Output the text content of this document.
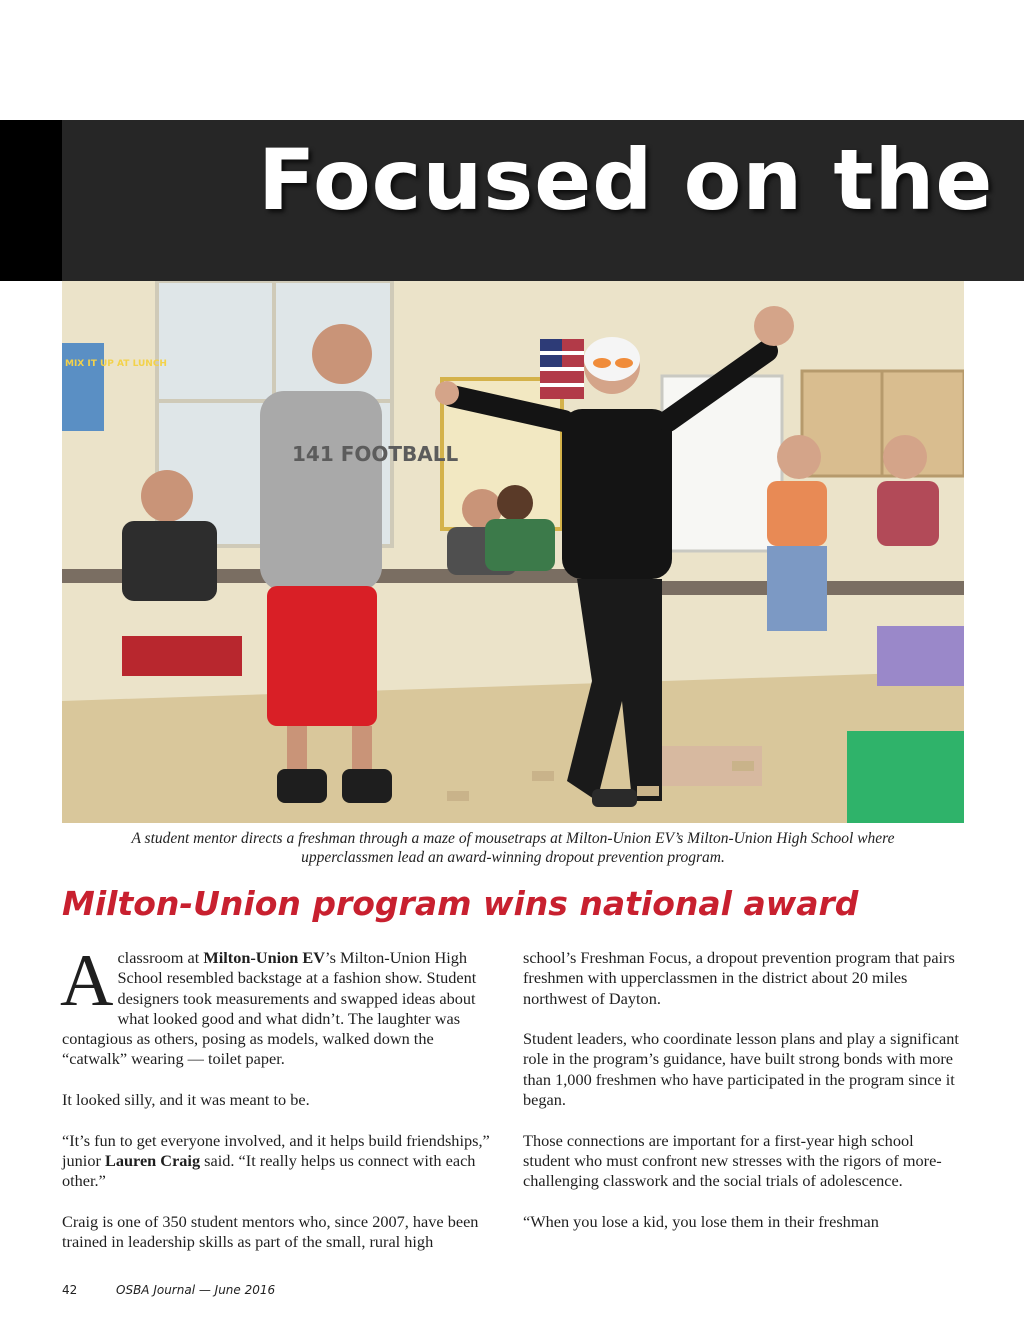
Focused on the
MIX IT UP AT LUNCH
141 FOOTBALL

A student mentor directs a freshman through a maze of mousetraps at Milton-Union EV’s Milton-Union High School where

upperclassmen lead an award-winning dropout prevention program.

Milton-Union program wins national award

A classroom at Milton-Union EV’s Milton-Union High School resembled backstage at a fashion show. Student designers took measurements and swapped ideas about what looked good and what didn’t. The laughter was contagious as others, posing as models, walked down the “catwalk” wearing — toilet paper.

It looked silly, and it was meant to be.

“It’s fun to get everyone involved, and it helps build friendships,” junior Lauren Craig said. “It really helps us connect with each other.”

Craig is one of 350 student mentors who, since 2007, have been trained in leadership skills as part of the small, rural high

school’s Freshman Focus, a dropout prevention program that pairs freshmen with upperclassmen in the district about 20 miles northwest of Dayton.

Student leaders, who coordinate lesson plans and play a significant role in the program’s guidance, have built strong bonds with more than 1,000 freshmen who have participated in the program since it began.

Those connections are important for a first-year high school student who must confront new stresses with the rigors of more-challenging classwork and the social trials of adolescence.

“When you lose a kid, you lose them in their freshman

42	OSBA Journal — June 2016
